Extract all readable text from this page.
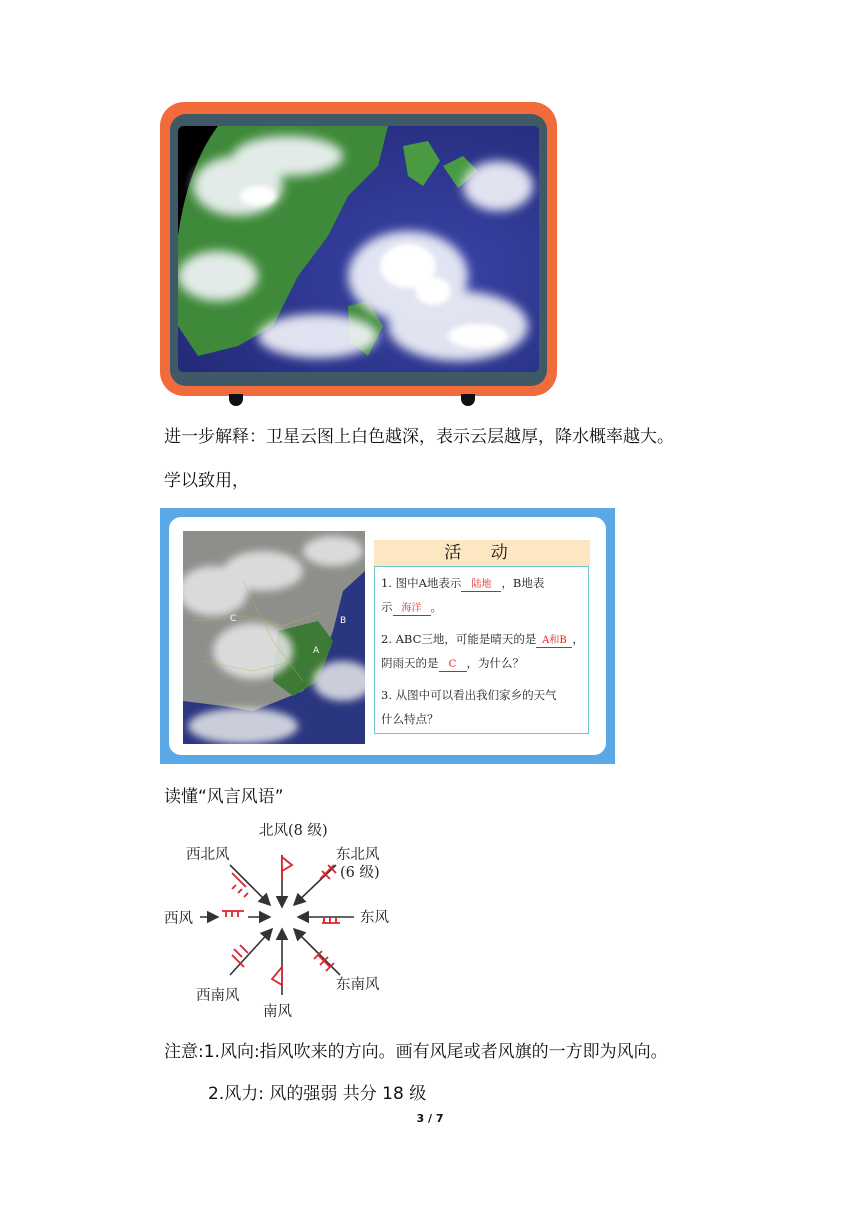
进一步解释：卫星云图上白色越深，表示云层越厚，降水概率越大。
学以致用，
C	B
A
活 动
1. 图中A地表示 陆地 ，B地表
示 海洋 。
2. ABC三地，可能是晴天的是 A和B ，
阴雨天的是 C ，为什么？
3. 从图中可以看出我们家乡的天气
什么特点？
读懂“风言风语”
北风(8 级)
东北风
(6 级)
东风
东南风
南风
西南风
西风
西北风
注意:1.风向:指风吹来的方向。画有风尾或者风旗的一方即为风向。
2.风力: 风的强弱 共分 18 级
3 / 7
